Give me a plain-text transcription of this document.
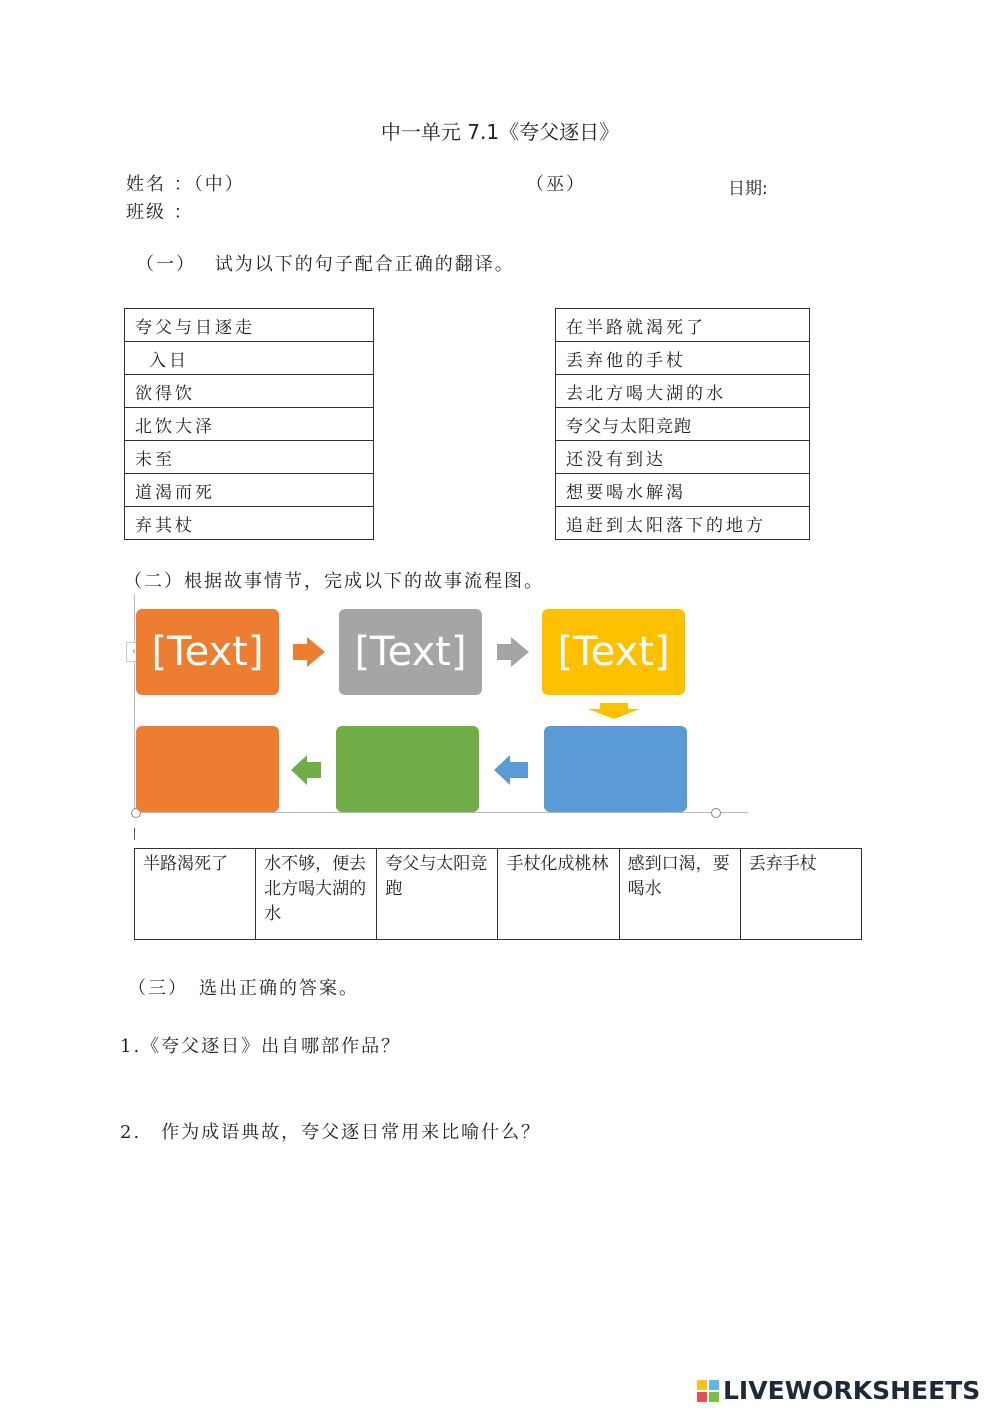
中一单元 7.1《夸父逐日》
姓名 ：（中）	（巫）	日期:
班级 ：
（一）　 试为以下的句子配合正确的翻译。
夸父与日逐走
入日
欲得饮
北饮大泽
未至
道渴而死
弃其杖
在半路就渴死了
丢弃他的手杖
去北方喝大湖的水
夸父与太阳竞跑
还没有到达
想要喝水解渴
追赶到太阳落下的地方
（二）根据故事情节，完成以下的故事流程图。
‹ [Text]	[Text]	[Text]
半路渴死了	水不够，便去北方喝大湖的水	夸父与太阳竞跑	手杖化成桃林	感到口渴，要喝水	丢弃手杖
（三）　选出正确的答案。
1.《夸父逐日》出自哪部作品？
2.　作为成语典故，夸父逐日常用来比喻什么？
LIVEWORKSHEETS
